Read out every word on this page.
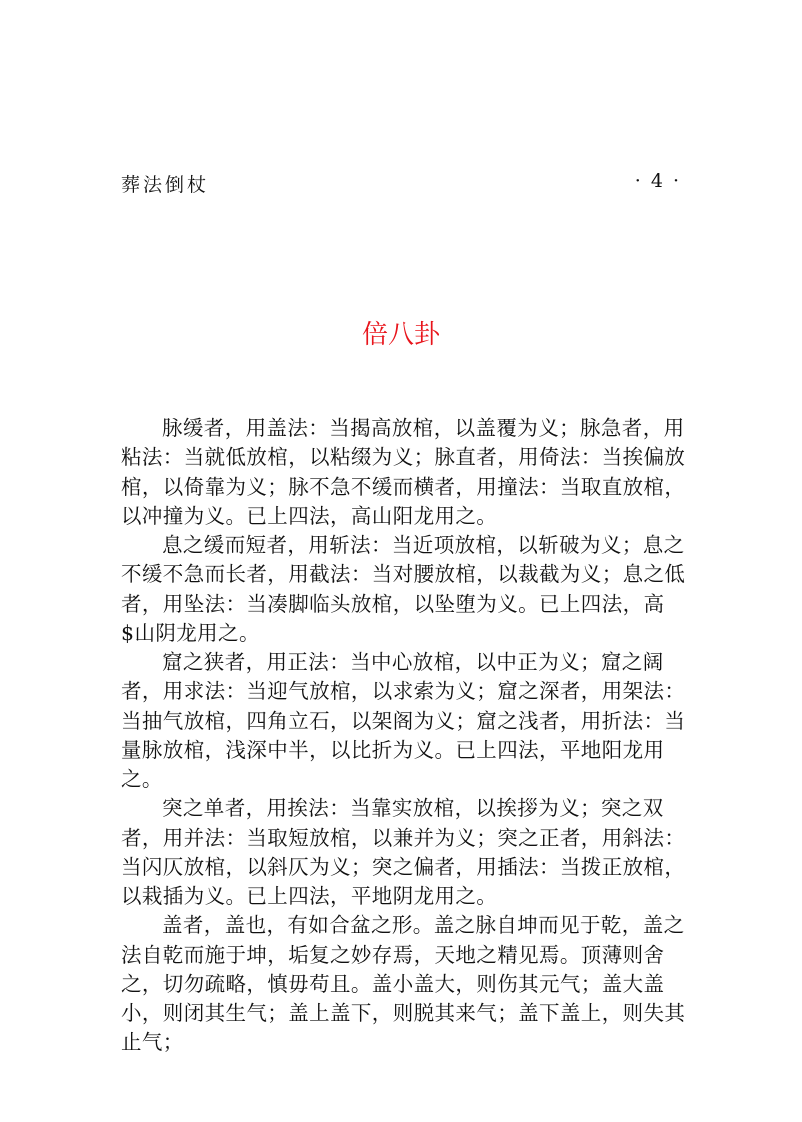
葬法倒杖	· 4 ·
倍八卦

脉缓者，用盖法：当揭高放棺，以盖覆为义；脉急者，用粘法：当就低放棺，以粘缀为义；脉直者，用倚法：当挨偏放棺，以倚靠为义；脉不急不缓而横者，用撞法：当取直放棺，以冲撞为义。已上四法，高山阳龙用之。

息之缓而短者，用斩法：当近项放棺，以斩破为义；息之不缓不急而长者，用截法：当对腰放棺，以裁截为义；息之低者，用坠法：当凑脚临头放棺，以坠堕为义。已上四法，高$山阴龙用之。

窟之狭者，用正法：当中心放棺，以中正为义；窟之阔者，用求法：当迎气放棺，以求索为义；窟之深者，用架法：当抽气放棺，四角立石，以架阁为义；窟之浅者，用折法：当量脉放棺，浅深中半，以比折为义。已上四法，平地阳龙用之。

突之单者，用挨法：当靠实放棺，以挨拶为义；突之双者，用并法：当取短放棺，以兼并为义；突之正者，用斜法：当闪仄放棺，以斜仄为义；突之偏者，用插法：当拨正放棺，以栽插为义。已上四法，平地阴龙用之。

盖者，盖也，有如合盆之形。盖之脉自坤而见于乾，盖之法自乾而施于坤，垢复之妙存焉，天地之精见焉。顶薄则舍之，切勿疏略，慎毋苟且。盖小盖大，则伤其元气；盖大盖小，则闭其生气；盖上盖下，则脱其来气；盖下盖上，则失其止气；
